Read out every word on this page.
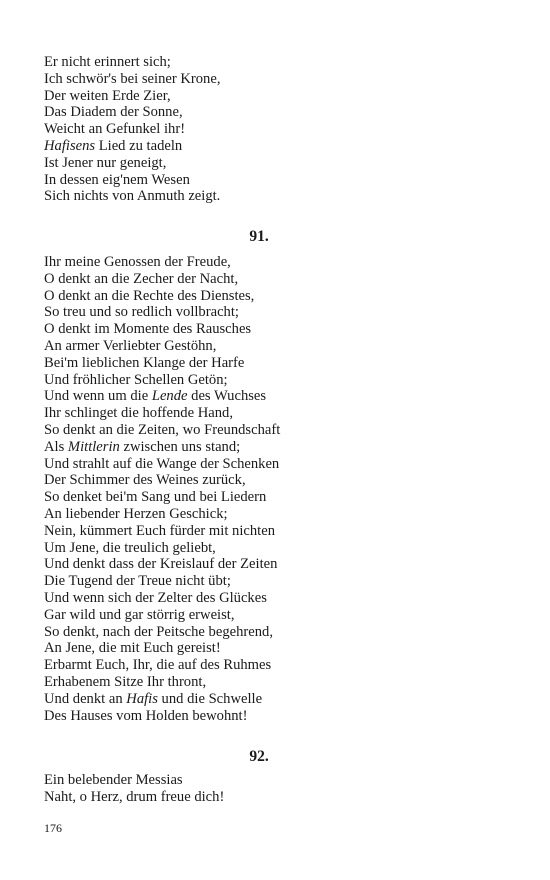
Er nicht erinnert sich;
Ich schwör's bei seiner Krone,
Der weiten Erde Zier,
Das Diadem der Sonne,
Weicht an Gefunkel ihr!
Hafisens Lied zu tadeln
Ist Jener nur geneigt,
In dessen eig'nem Wesen
Sich nichts von Anmuth zeigt.
91.
Ihr meine Genossen der Freude,
O denkt an die Zecher der Nacht,
O denkt an die Rechte des Dienstes,
So treu und so redlich vollbracht;
O denkt im Momente des Rausches
An armer Verliebter Gestöhn,
Bei'm lieblichen Klange der Harfe
Und fröhlicher Schellen Getön;
Und wenn um die Lende des Wuchses
Ihr schlinget die hoffende Hand,
So denkt an die Zeiten, wo Freundschaft
Als Mittlerin zwischen uns stand;
Und strahlt auf die Wange der Schenken
Der Schimmer des Weines zurück,
So denket bei'm Sang und bei Liedern
An liebender Herzen Geschick;
Nein, kümmert Euch fürder mit nichten
Um Jene, die treulich geliebt,
Und denkt dass der Kreislauf der Zeiten
Die Tugend der Treue nicht übt;
Und wenn sich der Zelter des Glückes
Gar wild und gar störrig erweist,
So denkt, nach der Peitsche begehrend,
An Jene, die mit Euch gereist!
Erbarmt Euch, Ihr, die auf des Ruhmes
Erhabenem Sitze Ihr thront,
Und denkt an Hafis und die Schwelle
Des Hauses vom Holden bewohnt!
92.
Ein belebender Messias
Naht, o Herz, drum freue dich!
176
